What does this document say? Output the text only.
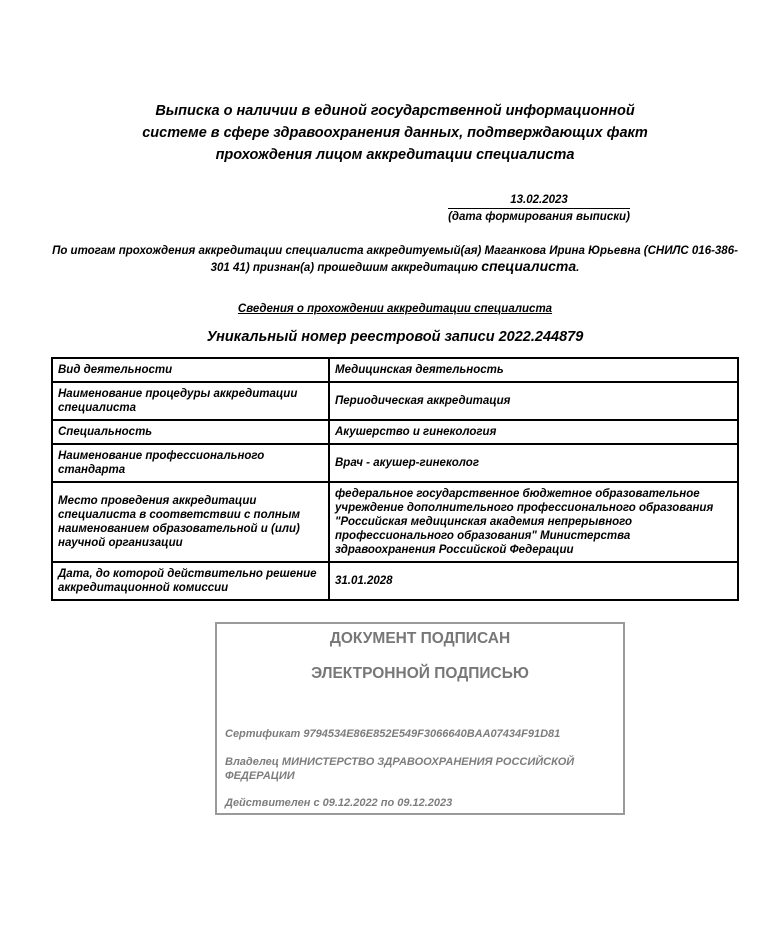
Выписка о наличии в единой государственной информационной
системе в сфере здравоохранения данных, подтверждающих факт
прохождения лицом аккредитации специалиста
13.02.2023
(дата формирования выписки)
По итогам прохождения аккредитации специалиста аккредитуемый(ая) Маганкова Ирина Юрьевна (СНИЛС 016-386-
301 41) признан(а) прошедшим аккредитацию специалиста.
Сведения о прохождении аккредитации специалиста
Уникальный номер реестровой записи 2022.244879
Вид деятельности	Медицинская деятельность
Наименование процедуры аккредитации специалиста	Периодическая аккредитация
Специальность	Акушерство и гинекология
Наименование профессионального стандарта	Врач - акушер-гинеколог
Место проведения аккредитации специалиста в соответствии с полным наименованием образовательной и (или) научной организации	федеральное государственное бюджетное образовательное учреждение дополнительного профессионального образования "Российская медицинская академия непрерывного профессионального образования" Министерства здравоохранения Российской Федерации
Дата, до которой действительно решение аккредитационной комиссии	31.01.2028
ДОКУМЕНТ ПОДПИСАН
ЭЛЕКТРОННОЙ ПОДПИСЬЮ
Сертификат 9794534E86E852E549F3066640BAA07434F91D81
Владелец МИНИСТЕРСТВО ЗДРАВООХРАНЕНИЯ РОССИЙСКОЙ ФЕДЕРАЦИИ
Действителен с 09.12.2022 по 09.12.2023
